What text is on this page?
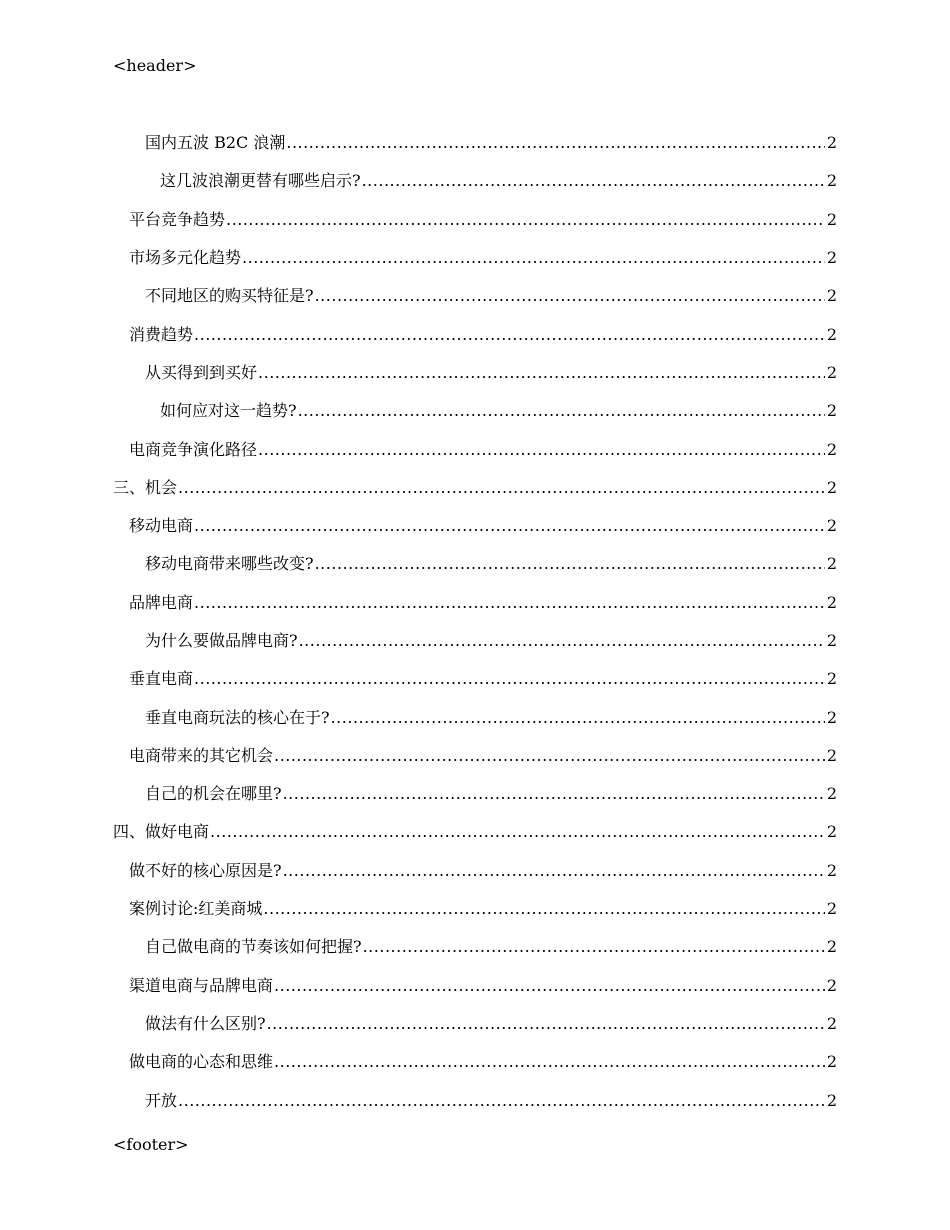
<header>
国内五波 B2C 浪潮 .....	2
这几波浪潮更替有哪些启示? .....	2
平台竞争趋势 .....	2
市场多元化趋势 .....	2
不同地区的购买特征是? .....	2
消费趋势 .....	2
从买得到到买好 .....	2
如何应对这一趋势? .....	2
电商竞争演化路径 .....	2
三、机会 .....	2
移动电商 .....	2
移动电商带来哪些改变? .....	2
品牌电商 .....	2
为什么要做品牌电商? .....	2
垂直电商 .....	2
垂直电商玩法的核心在于? .....	2
电商带来的其它机会 .....	2
自己的机会在哪里? .....	2
四、做好电商 .....	2
做不好的核心原因是? .....	2
案例讨论:红美商城 .....	2
自己做电商的节奏该如何把握? .....	2
渠道电商与品牌电商 .....	2
做法有什么区别? .....	2
做电商的心态和思维 .....	2
开放 .....	2
<footer>
